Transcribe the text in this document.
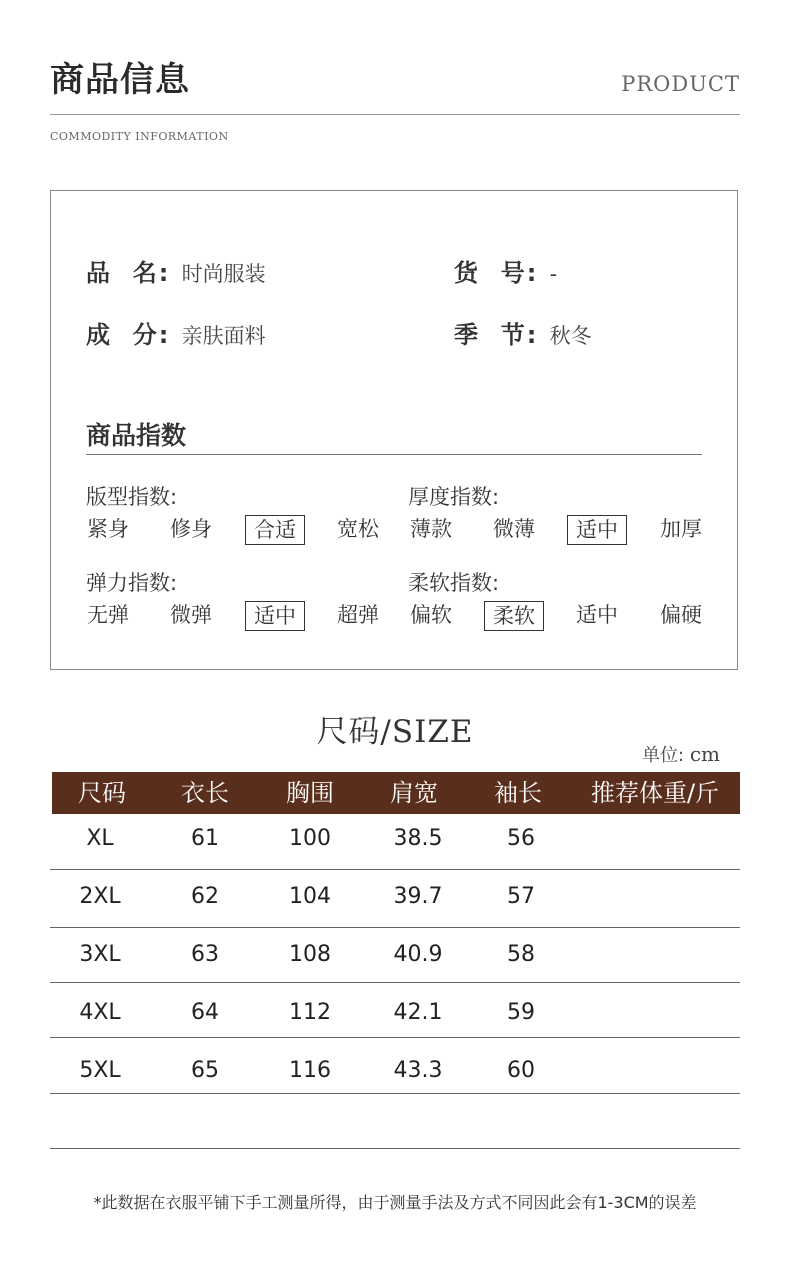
商品信息	PRODUCT
COMMODITY INFORMATION
品  名: 时尚服装	货  号: -
成  分: 亲肤面料	季  节: 秋冬
商品指数
版型指数:
紧身	修身	合适	宽松
厚度指数:
薄款	微薄	适中	加厚
弹力指数:
无弹	微弹	适中	超弹
柔软指数:
偏软	柔软	适中	偏硬
尺码/SIZE
单位: cm
尺码	衣长	胸围	肩宽	袖长	推荐体重/斤
XL	61	100	38.5	56
2XL	62	104	39.7	57
3XL	63	108	40.9	58
4XL	64	112	42.1	59
5XL	65	116	43.3	60
*此数据在衣服平铺下手工测量所得，由于测量手法及方式不同因此会有1-3CM的误差
